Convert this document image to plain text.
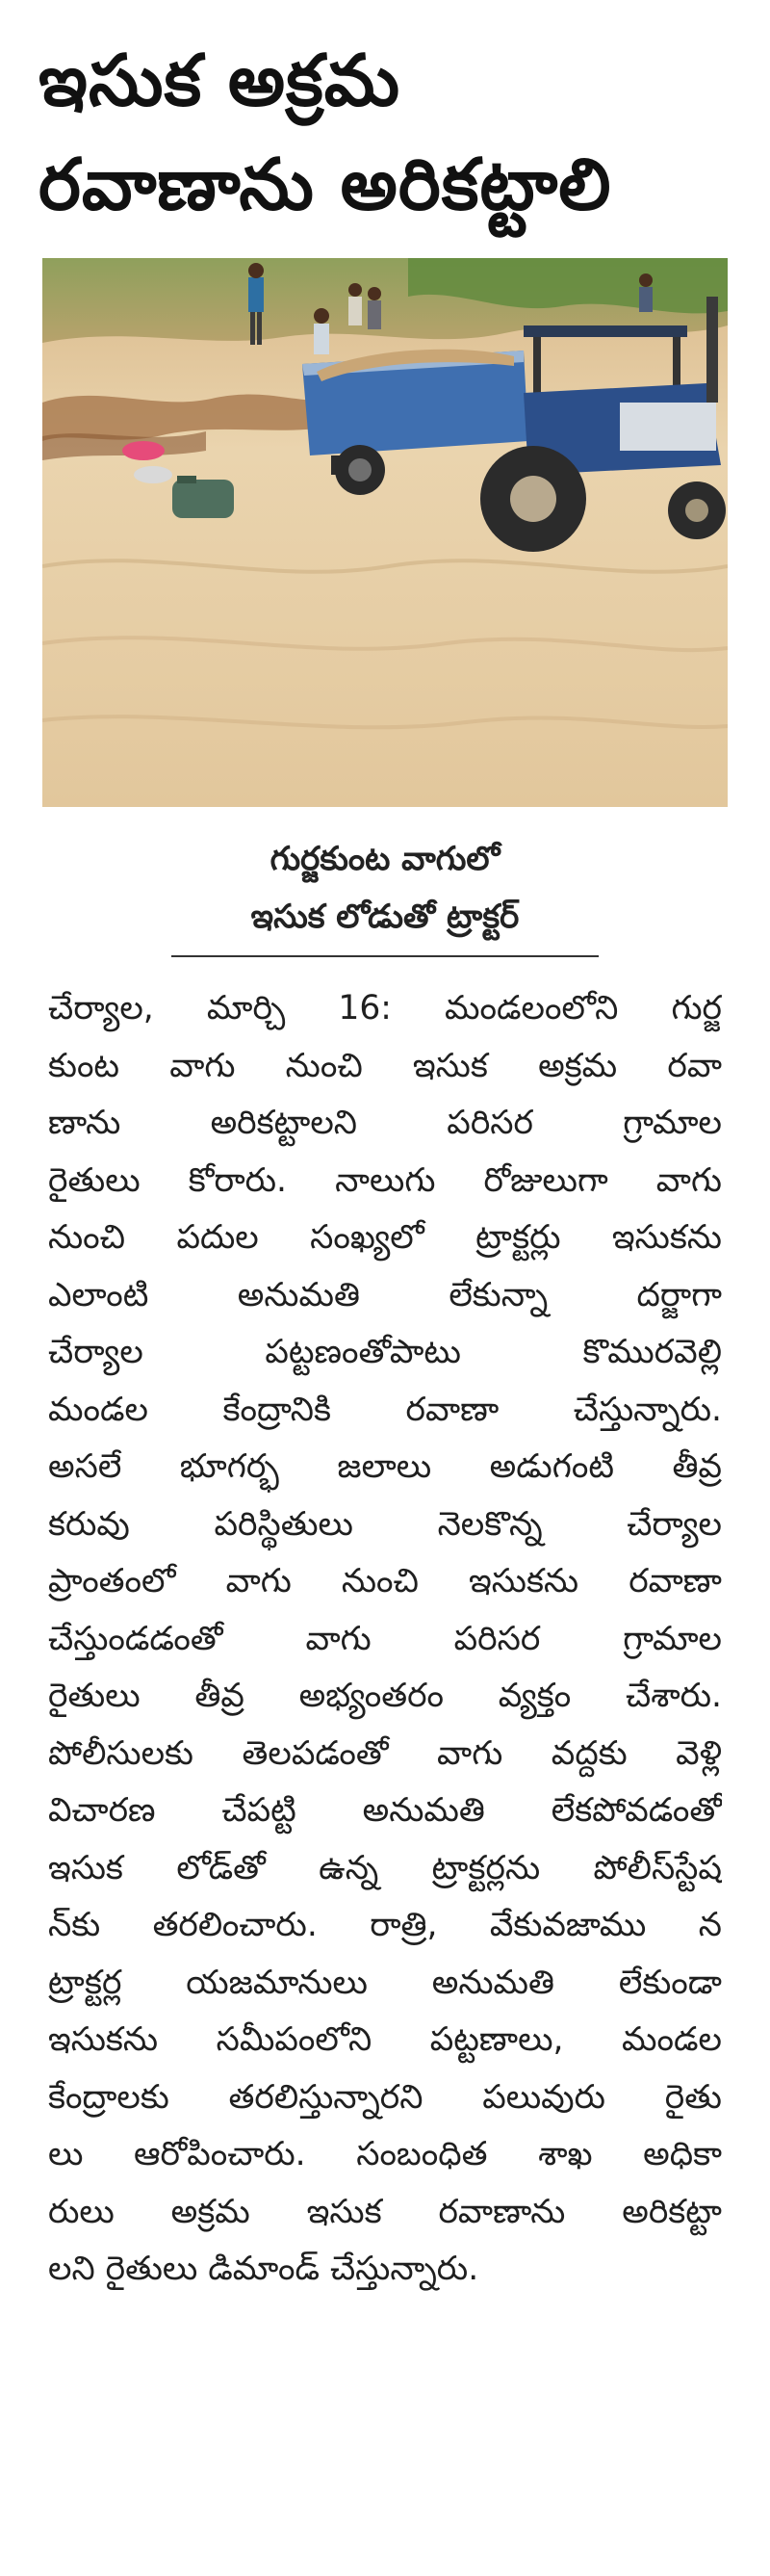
ఇసుక అక్రమ
రవాణాను అరికట్టాలి
గుర్జకుంట వాగులో
ఇసుక లోడుతో ట్రాక్టర్
చేర్యాల, మార్చి 16: మండలంలోని గుర్జ
కుంట వాగు నుంచి ఇసుక అక్రమ రవా
ణాను అరికట్టాలని పరిసర గ్రామాల
రైతులు కోరారు. నాలుగు రోజులుగా వాగు
నుంచి పదుల సంఖ్యలో ట్రాక్టర్లు ఇసుకను
ఎలాంటి అనుమతి లేకున్నా దర్జాగా
చేర్యాల పట్టణంతోపాటు కొమురవెల్లి
మండల కేంద్రానికి రవాణా చేస్తున్నారు.
అసలే భూగర్భ జలాలు అడుగంటి తీవ్ర
కరువు పరిస్థితులు నెలకొన్న చేర్యాల
ప్రాంతంలో వాగు నుంచి ఇసుకను రవాణా
చేస్తుండడంతో వాగు పరిసర గ్రామాల
రైతులు తీవ్ర అభ్యంతరం వ్యక్తం చేశారు.
పోలీసులకు తెలపడంతో వాగు వద్దకు వెళ్లి
విచారణ చేపట్టి అనుమతి లేకపోవడంతో
ఇసుక లోడ్‌తో ఉన్న ట్రాక్టర్లను పోలీస్‌స్టేష
న్‌కు తరలించారు. రాత్రి, వేకువజాము న
ట్రాక్టర్ల యజమానులు అనుమతి లేకుండా
ఇసుకను సమీపంలోని పట్టణాలు, మండల
కేంద్రాలకు తరలిస్తున్నారని పలువురు రైతు
లు ఆరోపించారు. సంబంధిత శాఖ అధికా
రులు అక్రమ ఇసుక రవాణాను అరికట్టా
లని రైతులు డిమాండ్ చేస్తున్నారు.
